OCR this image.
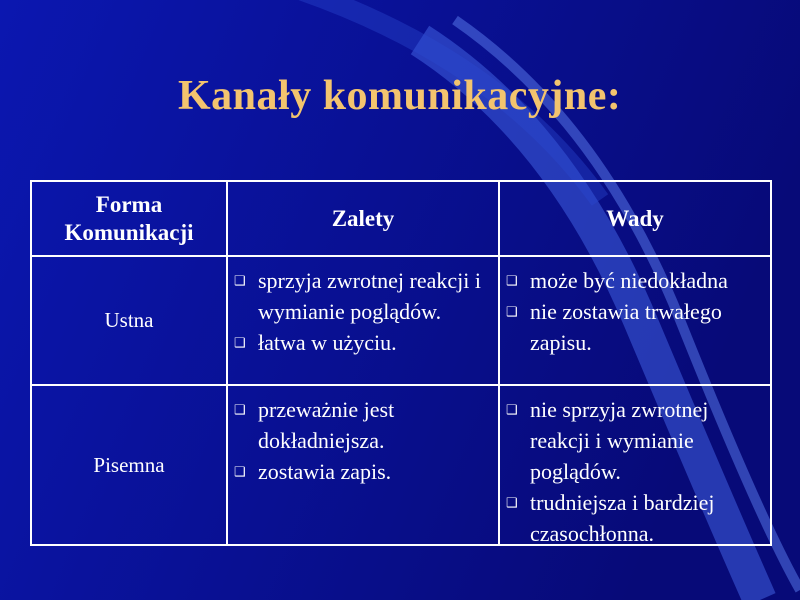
Kanały komunikacyjne:
Forma Komunikacji
Zalety	Wady
Ustna
❑ sprzyja zwrotnej reakcji i wymianie poglądów.
❑ łatwa w użyciu.
❑ może być niedokładna
❑ nie zostawia trwałego zapisu.
Pisemna
❑ przeważnie jest dokładniejsza.
❑ zostawia zapis.
❑ nie sprzyja zwrotnej reakcji i wymianie poglądów.
❑ trudniejsza i bardziej czasochłonna.
